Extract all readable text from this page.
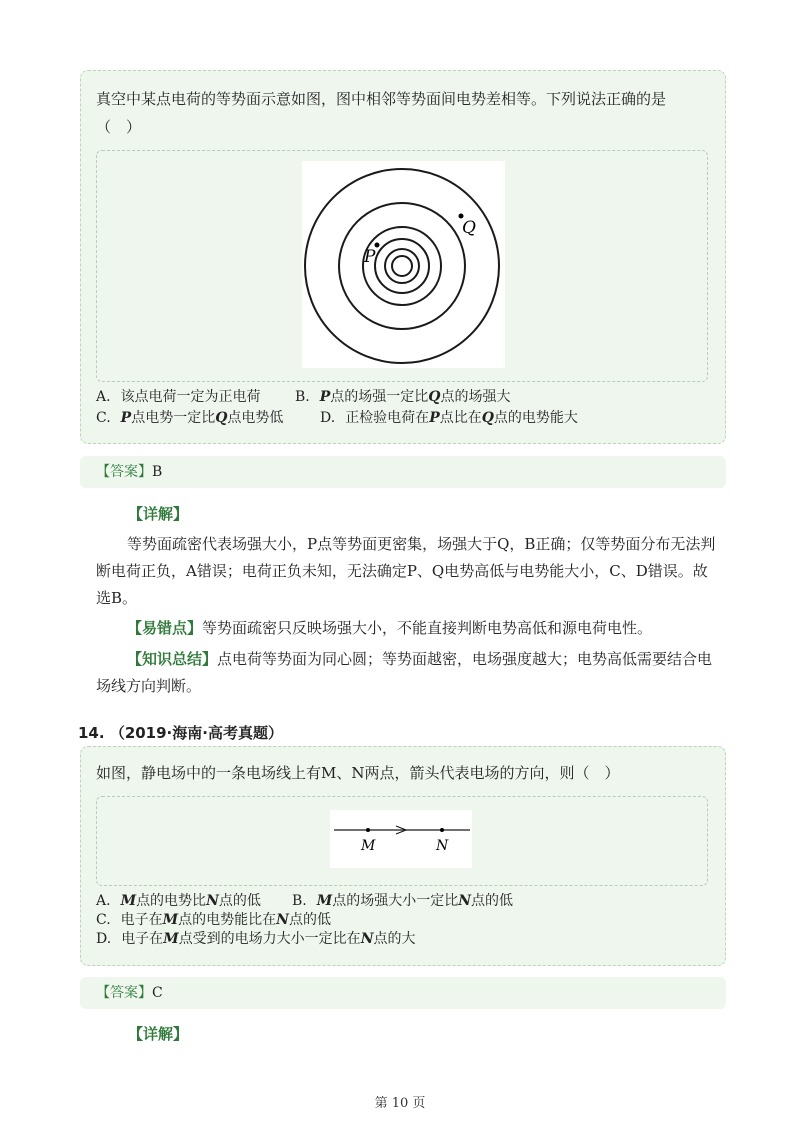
真空中某点电荷的等势面示意如图，图中相邻等势面间电势差相等。下列说法正确的是
（　）
P
Q
A. 该点电荷一定为正电荷 B. P点的场强一定比Q点的场强大
C. P点电势一定比Q点电势低	D. 正检验电荷在P点比在Q点的电势能大
【答案】B
【详解】
等势面疏密代表场强大小，P点等势面更密集，场强大于Q，B正确；仅等势面分布无法判断电荷正负，A错误；电荷正负未知，无法确定P、Q电势高低与电势能大小，C、D错误。故选B。
【易错点】等势面疏密只反映场强大小，不能直接判断电势高低和源电荷电性。
【知识总结】点电荷等势面为同心圆；等势面越密，电场强度越大；电势高低需要结合电场线方向判断。
14. （2019·海南·高考真题）
如图，静电场中的一条电场线上有M、N两点，箭头代表电场的方向，则（　）
M	N
A. M点的电势比N点的低 B. M点的场强大小一定比N点的低
C. 电子在M点的电势能比在N点的低
D. 电子在M点受到的电场力大小一定比在N点的大
【答案】C
【详解】
第 10 页
